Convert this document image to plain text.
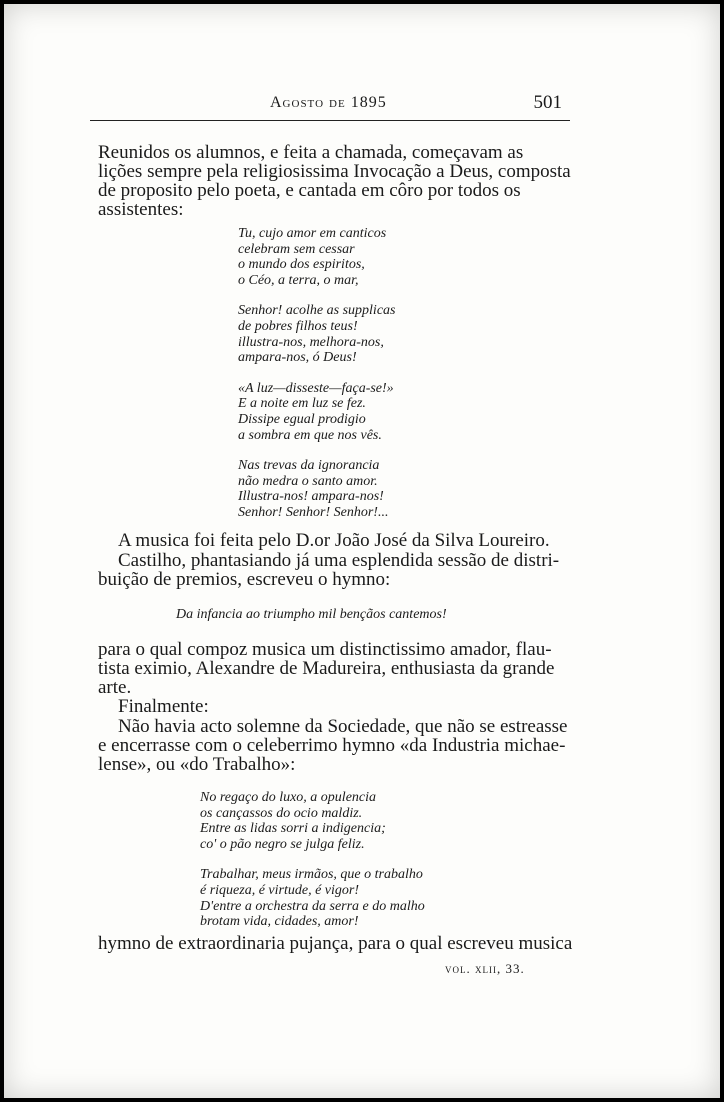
Agosto de 1895	501

Reunidos os alumnos, e feita a chamada, começavam as
lições sempre pela religiosissima Invocação a Deus, composta
de proposito pelo poeta, e cantada em côro por todos os
assistentes:

Tu, cujo amor em canticos
celebram sem cessar
o mundo dos espiritos,
o Céo, a terra, o mar,
Senhor! acolhe as supplicas
de pobres filhos teus!
illustra-nos, melhora-nos,
ampara-nos, ó Deus!
«A luz—disseste—faça-se!»
E a noite em luz se fez.
Dissipe egual prodigio
a sombra em que nos vês.
Nas trevas da ignorancia
não medra o santo amor.
Illustra-nos! ampara-nos!
Senhor! Senhor! Senhor!...

A musica foi feita pelo D.or João José da Silva Loureiro.

Castilho, phantasiando já uma esplendida sessão de distri-
buição de premios, escreveu o hymno:

Da infancia ao triumpho mil bençãos cantemos!

para o qual compoz musica um distinctissimo amador, flau-
tista eximio, Alexandre de Madureira, enthusiasta da grande
arte.

Finalmente:

Não havia acto solemne da Sociedade, que não se estreasse
e encerrasse com o celeberrimo hymno «da Industria michae-
lense», ou «do Trabalho»:

No regaço do luxo, a opulencia
os cançassos do ocio maldiz.
Entre as lidas sorri a indigencia;
co' o pão negro se julga feliz.
Trabalhar, meus irmãos, que o trabalho
é riqueza, é virtude, é vigor!
D'entre a orchestra da serra e do malho
brotam vida, cidades, amor!

hymno de extraordinaria pujança, para o qual escreveu musica

vol. xlii, 33.
